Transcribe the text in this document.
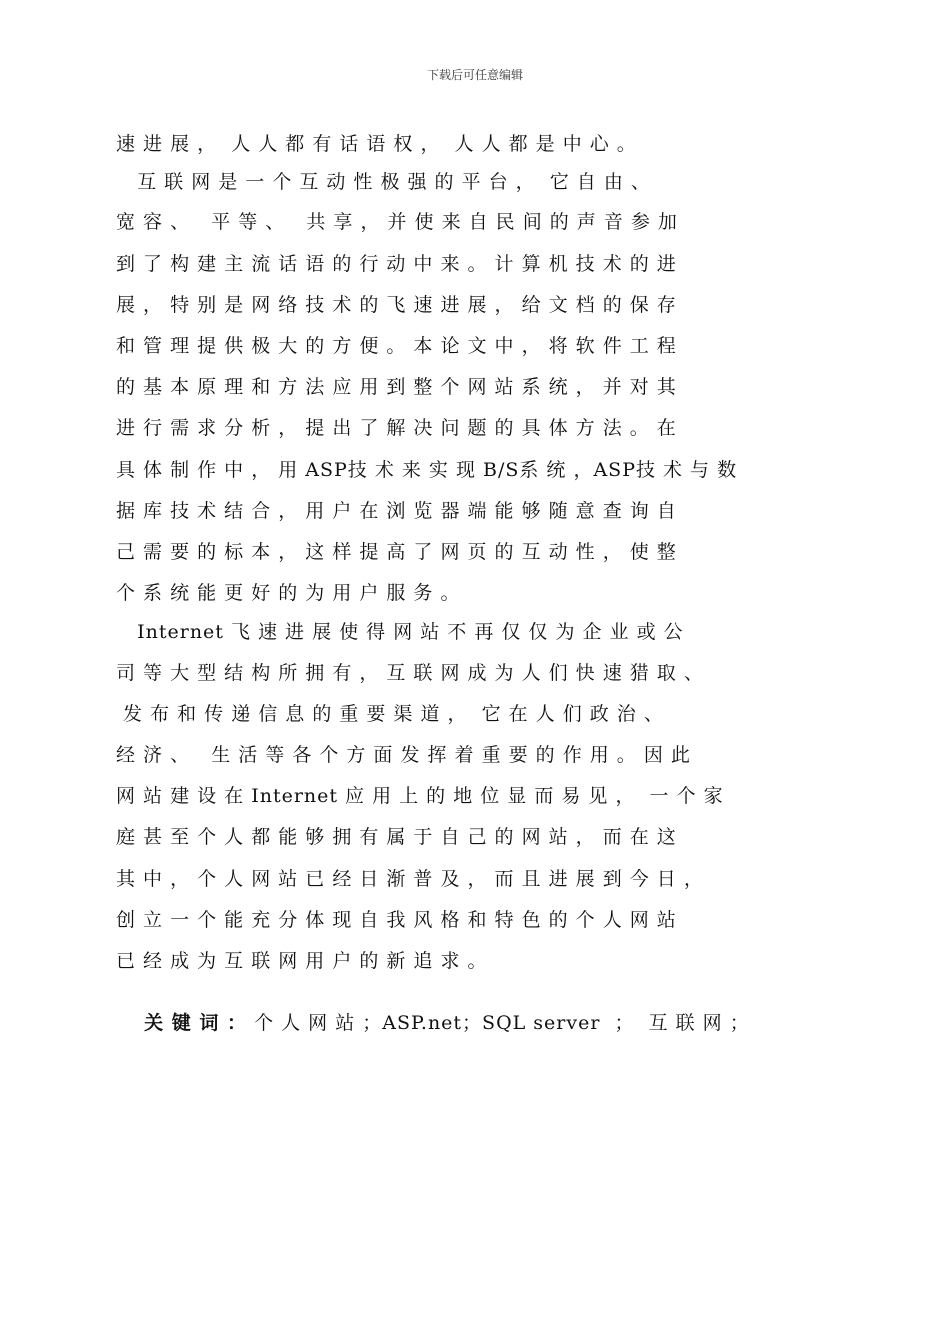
下载后可任意编辑
速 进 展 ，  人 人 都 有 话 语 权 ，  人 人 都 是 中 心 。
互 联 网 是 一 个 互 动 性 极 强 的 平 台 ，  它 自 由 、
宽 容 、   平 等 、   共 享 ， 并 使 来 自 民 间 的 声 音 参 加
到 了 构 建 主 流 话 语 的 行 动 中 来 。 计 算 机 技 术 的 进
展 ， 特 别 是 网 络 技 术 的 飞 速 进 展 ， 给 文 档 的 保 存
和 管 理 提 供 极 大 的 方 便 。 本 论 文 中 ， 将 软 件 工 程
的 基 本 原 理 和 方 法 应 用 到 整 个 网 站 系 统 ， 并 对 其
进 行 需 求 分 析 ， 提 出 了 解 决 问 题 的 具 体 方 法 。 在
具 体 制 作 中 ， 用 ASP技 术 来 实 现 B/S系 统 ，ASP技 术 与 数
据 库 技 术 结 合 ， 用 户 在 浏 览 器 端 能 够 随 意 查 询 自
己 需 要 的 标 本 ， 这 样 提 高 了 网 页 的 互 动 性 ， 使 整
个 系 统 能 更 好 的 为 用 户 服 务 。
Internet 飞 速 进 展 使 得 网 站 不 再 仅 仅 为 企 业 或 公
司 等 大 型 结 构 所 拥 有 ， 互 联 网 成 为 人 们 快 速 猎 取 、
发 布 和 传 递 信 息 的 重 要 渠 道 ，  它 在 人 们 政 治 、
经 济 、   生 活 等 各 个 方 面 发 挥 着 重 要 的 作 用 。 因 此
网 站 建 设 在 Internet 应 用 上 的 地 位 显 而 易 见 ，  一 个 家
庭 甚 至 个 人 都 能 够 拥 有 属 于 自 己 的 网 站 ， 而 在 这
其 中 ， 个 人 网 站 已 经 日 渐 普 及 ， 而 且 进 展 到 今 日 ，
创 立 一 个 能 充 分 体 现 自 我 风 格 和 特 色 的 个 人 网 站
已 经 成 为 互 联 网 用 户 的 新 追 求 。

关 键 词 ： 个 人 网 站 ；ASP.net；SQL server  ；  互 联 网 ；
